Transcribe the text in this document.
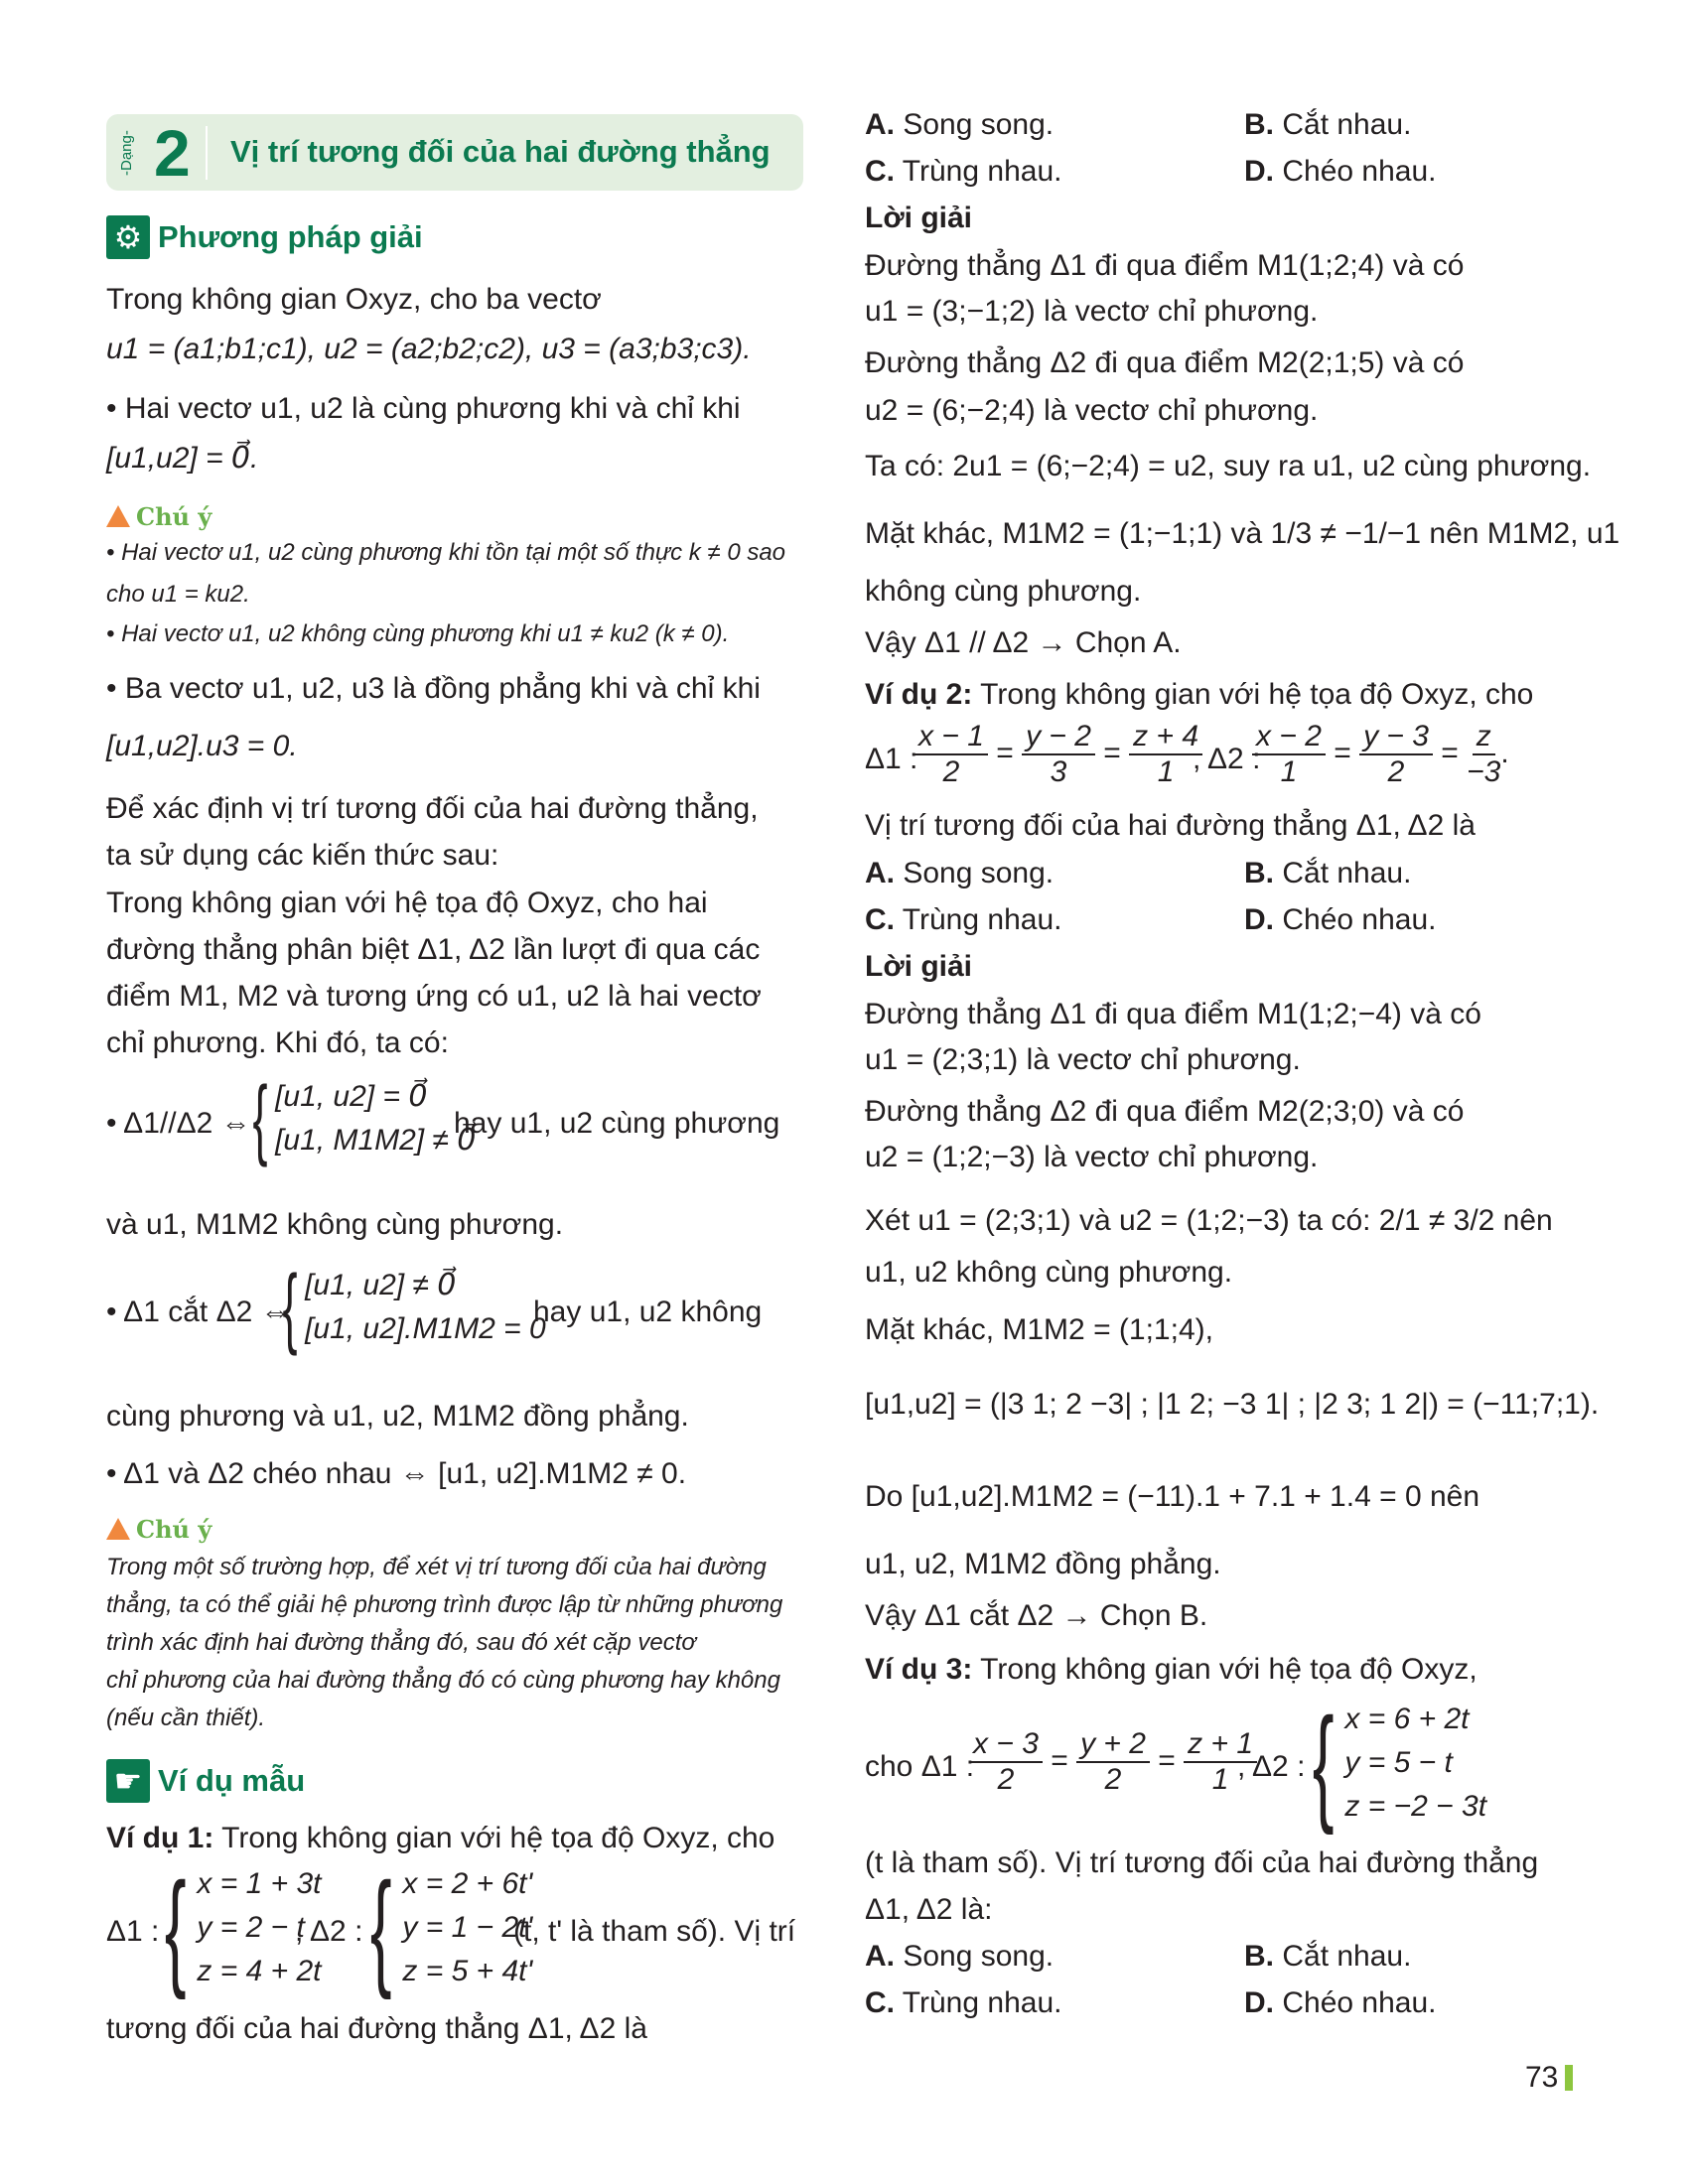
-Dạng- 2 Vị trí tương đối của hai đường thẳng
⚙ Phương pháp giải
Trong không gian Oxyz, cho ba vectơ
u1 = (a1;b1;c1), u2 = (a2;b2;c2), u3 = (a3;b3;c3).
• Hai vectơ u1, u2 là cùng phương khi và chỉ khi
[u1,u2] = 0⃗.
Chú ý
• Hai vectơ u1, u2 cùng phương khi tồn tại một số thực k ≠ 0 sao
cho u1 = ku2.
• Hai vectơ u1, u2 không cùng phương khi u1 ≠ ku2 (k ≠ 0).
• Ba vectơ u1, u2, u3 là đồng phẳng khi và chỉ khi
[u1,u2].u3 = 0.
Để xác định vị trí tương đối của hai đường thẳng,
ta sử dụng các kiến thức sau:
Trong không gian với hệ tọa độ Oxyz, cho hai
đường thẳng phân biệt Δ1, Δ2 lần lượt đi qua các
điểm M1, M2 và tương ứng có u1, u2 là hai vectơ
chỉ phương. Khi đó, ta có:
• Δ1//Δ2 ⇔ { [u1, u2] = 0⃗
[u1, M1M2] ≠ 0⃗
hay u1, u2 cùng phương
và u1, M1M2 không cùng phương.
• Δ1 cắt Δ2 ⇔
{ [u1, u2] ≠ 0⃗
[u1, u2].M1M2 = 0
hay u1, u2 không
cùng phương và u1, u2, M1M2 đồng phẳng.
• Δ1 và Δ2 chéo nhau ⇔ [u1, u2].M1M2 ≠ 0.
Chú ý
Trong một số trường hợp, để xét vị trí tương đối của hai đường
thẳng, ta có thể giải hệ phương trình được lập từ những phương
trình xác định hai đường thẳng đó, sau đó xét cặp vectơ
chỉ phương của hai đường thẳng đó có cùng phương hay không
(nếu cần thiết).
☛ Ví dụ mẫu
Ví dụ 1: Trong không gian với hệ tọa độ Oxyz, cho
Δ1 : { x = 1 + 3t
y = 2 − t
z = 4 + 2t
, Δ2 : { x = 2 + 6t'
y = 1 − 2t'
z = 5 + 4t'
(t, t' là tham số). Vị trí
tương đối của hai đường thẳng Δ1, Δ2 là
A. Song song.	B. Cắt nhau.
C. Trùng nhau.	D. Chéo nhau.
Lời giải
Đường thẳng Δ1 đi qua điểm M1(1;2;4) và có
u1 = (3;−1;2) là vectơ chỉ phương.
Đường thẳng Δ2 đi qua điểm M2(2;1;5) và có
u2 = (6;−2;4) là vectơ chỉ phương.
Ta có: 2u1 = (6;−2;4) = u2, suy ra u1, u2 cùng phương.
Mặt khác, M1M2 = (1;−1;1) và 1/3 ≠ −1/−1 nên M1M2, u1
không cùng phương.
Vậy Δ1 // Δ2 → Chọn A.
Ví dụ 2: Trong không gian với hệ tọa độ Oxyz, cho
Δ1 :
$\frac{x - 1}{2} = \frac{y - 2}{3} = \frac{z + 4}{1}$
, Δ2 :
$\frac{x - 2}{1} = \frac{y - 3}{2} = \frac{z}{-3}$ .
Vị trí tương đối của hai đường thẳng Δ1, Δ2 là
A. Song song.	B. Cắt nhau.
C. Trùng nhau.	D. Chéo nhau.
Lời giải
Đường thẳng Δ1 đi qua điểm M1(1;2;−4) và có
u1 = (2;3;1) là vectơ chỉ phương.
Đường thẳng Δ2 đi qua điểm M2(2;3;0) và có
u2 = (1;2;−3) là vectơ chỉ phương.
Xét u1 = (2;3;1) và u2 = (1;2;−3) ta có: 2/1 ≠ 3/2 nên
u1, u2 không cùng phương.
Mặt khác, M1M2 = (1;1;4),
[u1,u2] = (|3 1; 2 −3| ; |1 2; −3 1| ; |2 3; 1 2|) = (−11;7;1).
Do [u1,u2].M1M2 = (−11).1 + 7.1 + 1.4 = 0 nên
u1, u2, M1M2 đồng phẳng.
Vậy Δ1 cắt Δ2 → Chọn B.
Ví dụ 3: Trong không gian với hệ tọa độ Oxyz,
cho Δ1 :
$\frac{x - 3}{2} = \frac{y + 2}{2} = \frac{z + 1}{1}$
, Δ2 : { x = 6 + 2t
y = 5 − t
z = −2 − 3t
(t là tham số). Vị trí tương đối của hai đường thẳng
Δ1, Δ2 là:
A. Song song.	B. Cắt nhau.
C. Trùng nhau.	D. Chéo nhau.
73
